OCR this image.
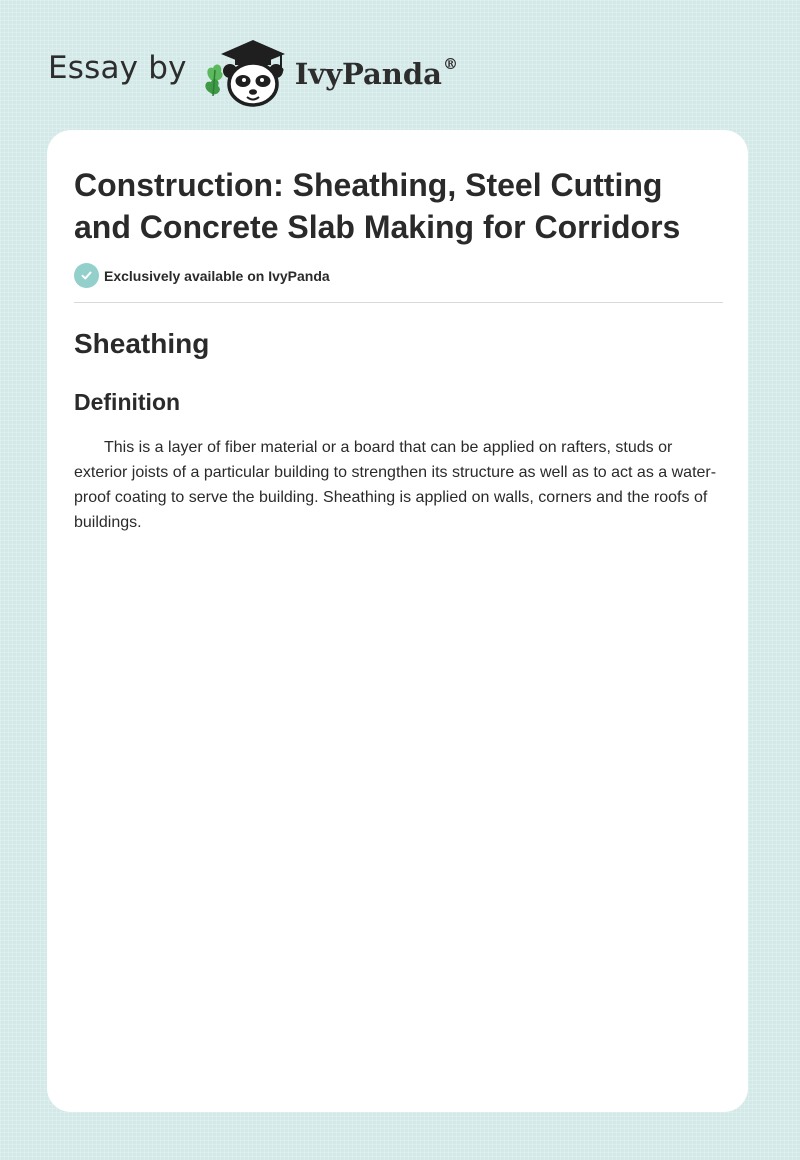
Essay by	IvyPanda®
Construction: Sheathing, Steel Cutting and Concrete Slab Making for Corridors
Exclusively available on IvyPanda
Sheathing
Definition

This is a layer of fiber material or a board that can be applied on rafters, studs or exterior joists of a particular building to strengthen its structure as well as to act as a water-proof coating to serve the building. Sheathing is applied on walls, corners and the roofs of buildings.
